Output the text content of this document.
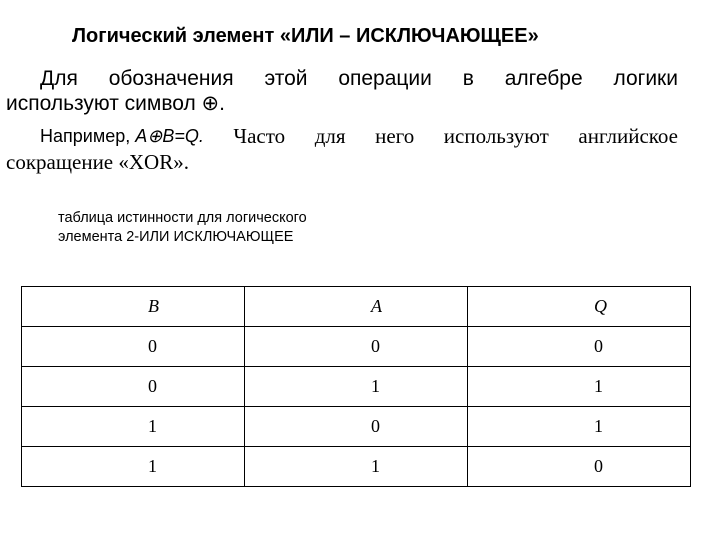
Логический элемент «ИЛИ – ИСКЛЮЧАЮЩЕЕ»
Для обозначения этой операции в алгебре логики
используют символ ⊕.
Например, A⊕B=Q. Часто для него используют английское
сокращение «XOR».
таблица истинности для логического
элемента 2-ИЛИ ИСКЛЮЧАЮЩЕЕ
B	A	Q
0	0	0
0	1	1
1	0	1
1	1	0
